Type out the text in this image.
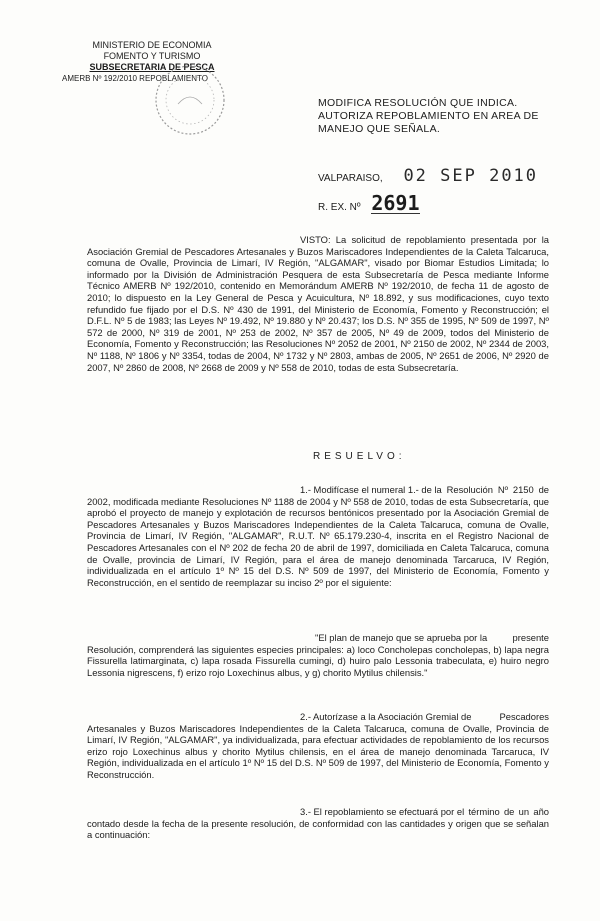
MINISTERIO DE ECONOMIA
FOMENTO Y TURISMO
SUBSECRETARIA DE PESCA
AMERB Nº 192/2010 REPOBLAMIENTO
MODIFICA RESOLUCIÓN QUE INDICA. AUTORIZA REPOBLAMIENTO EN AREA DE MANEJO QUE SEÑALA.
VALPARAISO, 02 SEP 2010
R. EX. Nº 2691
VISTO: La solicitud de repoblamiento presentada por la Asociación Gremial de Pescadores Artesanales y Buzos Mariscadores Independientes de la Caleta Talcaruca, comuna de Ovalle, Provincia de Limarí, IV Región, "ALGAMAR", visado por Biomar Estudios Limitada; lo informado por la División de Administración Pesquera de esta Subsecretaría de Pesca mediante Informe Técnico AMERB Nº 192/2010, contenido en Memorándum AMERB Nº 192/2010, de fecha 11 de agosto de 2010; lo dispuesto en la Ley General de Pesca y Acuicultura, Nº 18.892, y sus modificaciones, cuyo texto refundido fue fijado por el D.S. Nº 430 de 1991, del Ministerio de Economía, Fomento y Reconstrucción; el D.F.L. Nº 5 de 1983; las Leyes Nº 19.492, Nº 19.880 y Nº 20.437; los D.S. Nº 355 de 1995, Nº 509 de 1997, Nº 572 de 2000, Nº 319 de 2001, Nº 253 de 2002, Nº 357 de 2005, Nº 49 de 2009, todos del Ministerio de Economía, Fomento y Reconstrucción; las Resoluciones Nº 2052 de 2001, Nº 2150 de 2002, Nº 2344 de 2003, Nº 1188, Nº 1806 y Nº 3354, todas de 2004, Nº 1732 y Nº 2803, ambas de 2005, Nº 2651 de 2006, Nº 2920 de 2007, Nº 2860 de 2008, Nº 2668 de 2009 y Nº 558 de 2010, todas de esta Subsecretaría.
RESUELVO:
1.- Modifícase el numeral 1.- de la Resolución Nº 2150 de 2002, modificada mediante Resoluciones Nº 1188 de 2004 y Nº 558 de 2010, todas de esta Subsecretaría, que aprobó el proyecto de manejo y explotación de recursos bentónicos presentado por la Asociación Gremial de Pescadores Artesanales y Buzos Mariscadores Independientes de la Caleta Talcaruca, comuna de Ovalle, Provincia de Limarí, IV Región, "ALGAMAR", R.U.T. Nº 65.179.230-4, inscrita en el Registro Nacional de Pescadores Artesanales con el Nº 202 de fecha 20 de abril de 1997, domiciliada en Caleta Talcaruca, comuna de Ovalle, provincia de Limarí, IV Región, para el área de manejo denominada Tarcaruca, IV Región, individualizada en el artículo 1º Nº 15 del D.S. Nº 509 de 1997, del Ministerio de Economía, Fomento y Reconstrucción, en el sentido de reemplazar su inciso 2º por el siguiente:
"El plan de manejo que se aprueba por la	presente Resolución, comprenderá las siguientes especies principales: a) loco Concholepas concholepas, b) lapa negra Fissurella latimarginata, c) lapa rosada Fissurella cumingi, d) huiro palo Lessonia trabeculata, e) huiro negro Lessonia nigrescens, f) erizo rojo Loxechinus albus, y g) chorito Mytilus chilensis."
2.- Autorízase a la Asociación Gremial de	Pescadores Artesanales y Buzos Mariscadores Independientes de la Caleta Talcaruca, comuna de Ovalle, Provincia de Limarí, IV Región, "ALGAMAR", ya individualizada, para efectuar actividades de repoblamiento de los recursos erizo rojo Loxechinus albus y chorito Mytilus chilensis, en el área de manejo denominada Tarcaruca, IV Región, individualizada en el artículo 1º Nº 15 del D.S. Nº 509 de 1997, del Ministerio de Economía, Fomento y Reconstrucción.
3.- El repoblamiento se efectuará por el término de un año contado desde la fecha de la presente resolución, de conformidad con las cantidades y origen que se señalan a continuación:
